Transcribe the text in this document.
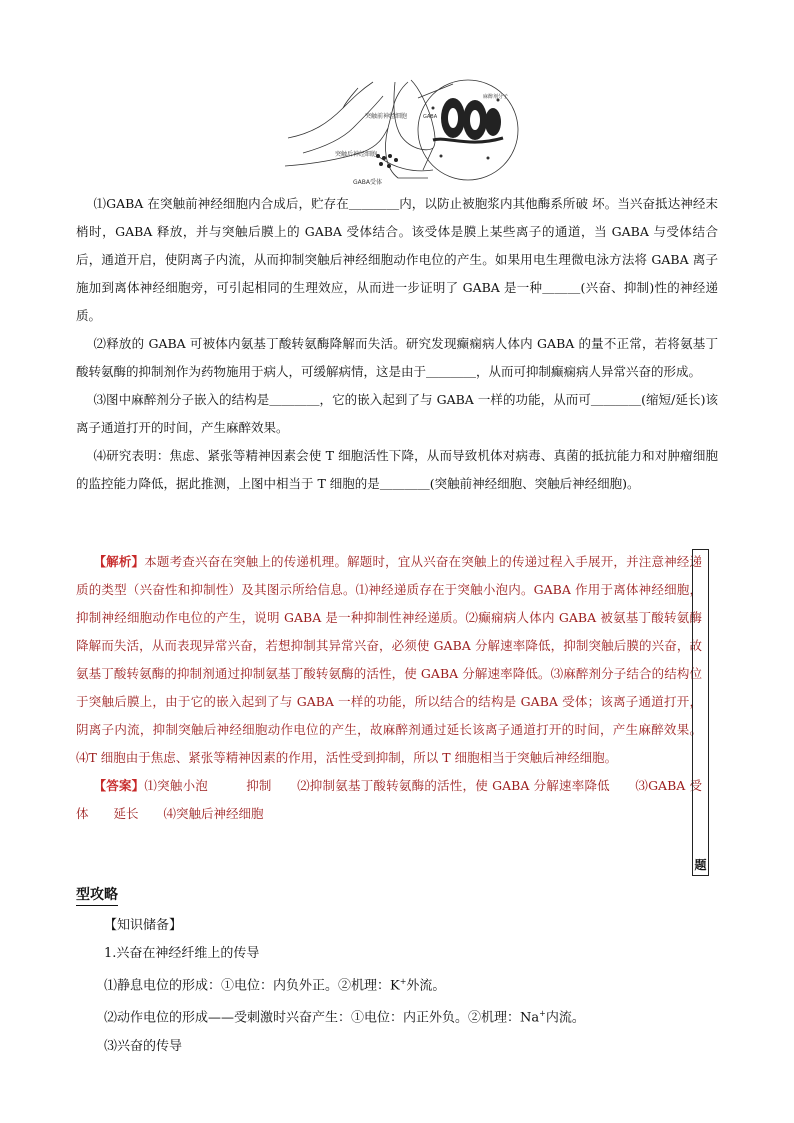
突触前神经细胞
突触后神经细胞
GABA受体
GABA
麻醉剂分子

⑴GABA 在突触前神经细胞内合成后，贮存在＿＿＿＿内，以防止被胞浆内其他酶系所破 坏。当兴奋抵达神经末梢时，GABA 释放，并与突触后膜上的 GABA 受体结合。该受体是膜上某些离子的通道，当 GABA 与受体结合后，通道开启，使阴离子内流，从而抑制突触后神经细胞动作电位的产生。如果用电生理微电泳方法将 GABA 离子施加到离体神经细胞旁，可引起相同的生理效应，从而进一步证明了 GABA 是一种＿＿＿(兴奋、抑制)性的神经递质。

⑵释放的 GABA 可被体内氨基丁酸转氨酶降解而失活。研究发现癫痫病人体内 GABA 的量不正常，若将氨基丁酸转氨酶的抑制剂作为药物施用于病人，可缓解病情，这是由于＿＿＿＿，从而可抑制癫痫病人异常兴奋的形成。

⑶图中麻醉剂分子嵌入的结构是＿＿＿＿，它的嵌入起到了与 GABA 一样的功能，从而可＿＿＿＿(缩短/延长)该离子通道打开的时间，产生麻醉效果。

⑷研究表明：焦虑、紧张等精神因素会使 T 细胞活性下降，从而导致机体对病毒、真菌的抵抗能力和对肿瘤细胞的监控能力降低，据此推测，上图中相当于 T 细胞的是＿＿＿＿(突触前神经细胞、突触后神经细胞)。

【解析】本题考查兴奋在突触上的传递机理。解题时，宜从兴奋在突触上的传递过程入手展开，并注意神经递质的类型（兴奋性和抑制性）及其图示所给信息。⑴神经递质存在于突触小泡内。GABA 作用于离体神经细胞，抑制神经细胞动作电位的产生，说明 GABA 是一种抑制性神经递质。⑵癫痫病人体内 GABA 被氨基丁酸转氨酶降解而失活，从而表现异常兴奋，若想抑制其异常兴奋，必须使 GABA 分解速率降低，抑制突触后膜的兴奋，故氨基丁酸转氨酶的抑制剂通过抑制氨基丁酸转氨酶的活性，使 GABA 分解速率降低。⑶麻醉剂分子结合的结构位于突触后膜上，由于它的嵌入起到了与 GABA 一样的功能，所以结合的结构是 GABA 受体；该离子通道打开，阴离子内流，抑制突触后神经细胞动作电位的产生，故麻醉剂通过延长该离子通道打开的时间，产生麻醉效果。⑷T 细胞由于焦虑、紧张等精神因素的作用，活性受到抑制，所以 T 细胞相当于突触后神经细胞。

【答案】⑴突触小泡　　　抑制　　⑵抑制氨基丁酸转氨酶的活性，使 GABA 分解速率降低　　⑶GABA 受体　　延长　　⑷突触后神经细胞

题
型攻略

【知识储备】

1.兴奋在神经纤维上的传导

⑴静息电位的形成：①电位：内负外正。②机理：K+外流。

⑵动作电位的形成——受刺激时兴奋产生：①电位：内正外负。②机理：Na+内流。

⑶兴奋的传导
